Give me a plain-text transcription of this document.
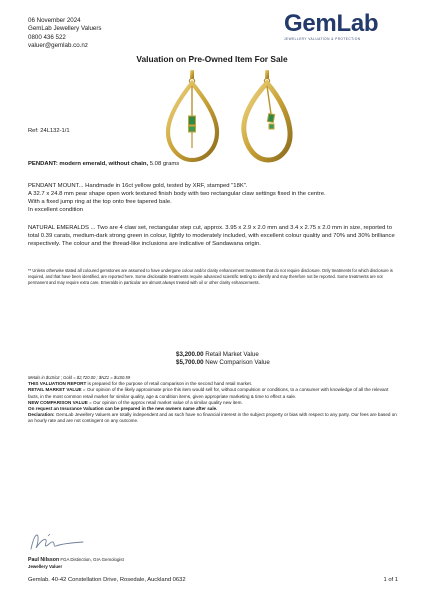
06 November 2024
GemLab Jewellery Valuers
0800 436 522
valuer@gemlab.co.nz
GemLab
JEWELLERY VALUATION & PROTECTION
Valuation on Pre-Owned Item For Sale
Ref: 24L132-1/1
PENDANT: modern emerald, without chain, 5.08 grams
PENDANT MOUNT... Handmade in 16ct yellow gold, tested by XRF, stamped "18K".
A 32.7 x 24.8 mm pear shape open work textured finish body with two rectangular claw settings fixed in the centre.
With a fixed jump ring at the top onto free tapered bale.
In excellent condition
NATURAL EMERALDS ... Two are 4 claw set, rectangular step cut, approx. 3.95 x 2.9 x 2.0 mm and 3.4 x 2.75 x 2.0 mm in size, reported to total 0.39 carats, medium-dark strong green in colour, lightly to moderately included, with excellent colour quality and 70% and 30% brilliance respectively. The colour and the thread-like inclusions are indicative of Sandawana origin.
** Unless otherwise stated all coloured gemstones are assumed to have undergone colour and/or clarity enhancement treatments that do not require disclosure. Only treatments for which disclosure is required, and that have been identified, are reported here. Some disclosable treatments require advanced scientific testing to identify and may therefore not be reported. Some treatments are not permanent and may require extra care. Emeralds in particular are almost always treated with oil or other clarity enhancements.
$3,200.00 Retail Market Value
$5,700.00 New Comparison Value
Metals in $US/oz ; Gold = $2,720.00 ; $NZ1 = $US0.59
THIS VALUATION REPORT is prepared for the purpose of retail comparison in the second hand retail market.
RETAIL MARKET VALUE = Our opinion of the likely approximate price this item would sell for, without compulsion or conditions, to a consumer with knowledge of all the relevant facts, in the most common retail market for similar quality, age & condition items, given appropriate marketing & time to effect a sale.
NEW COMPARISON VALUE = Our opinion of the approx retail market value of a similar quality new item.
On request an Insurance Valuation can be prepared in the new owners name after sale.
Declaration: GemLab Jewellery Valuers are totally independent and as such have no financial interest in the subject property or bias with respect to any party. Our fees are based on an hourly rate and are not contingent on any outcome.
Paul Nilsson FGA Distinction, GIA Gemologist
Jewellery Valuer
Gemlab. 40-42 Constellation Drive, Rosedale, Auckland 0632	1 of 1
